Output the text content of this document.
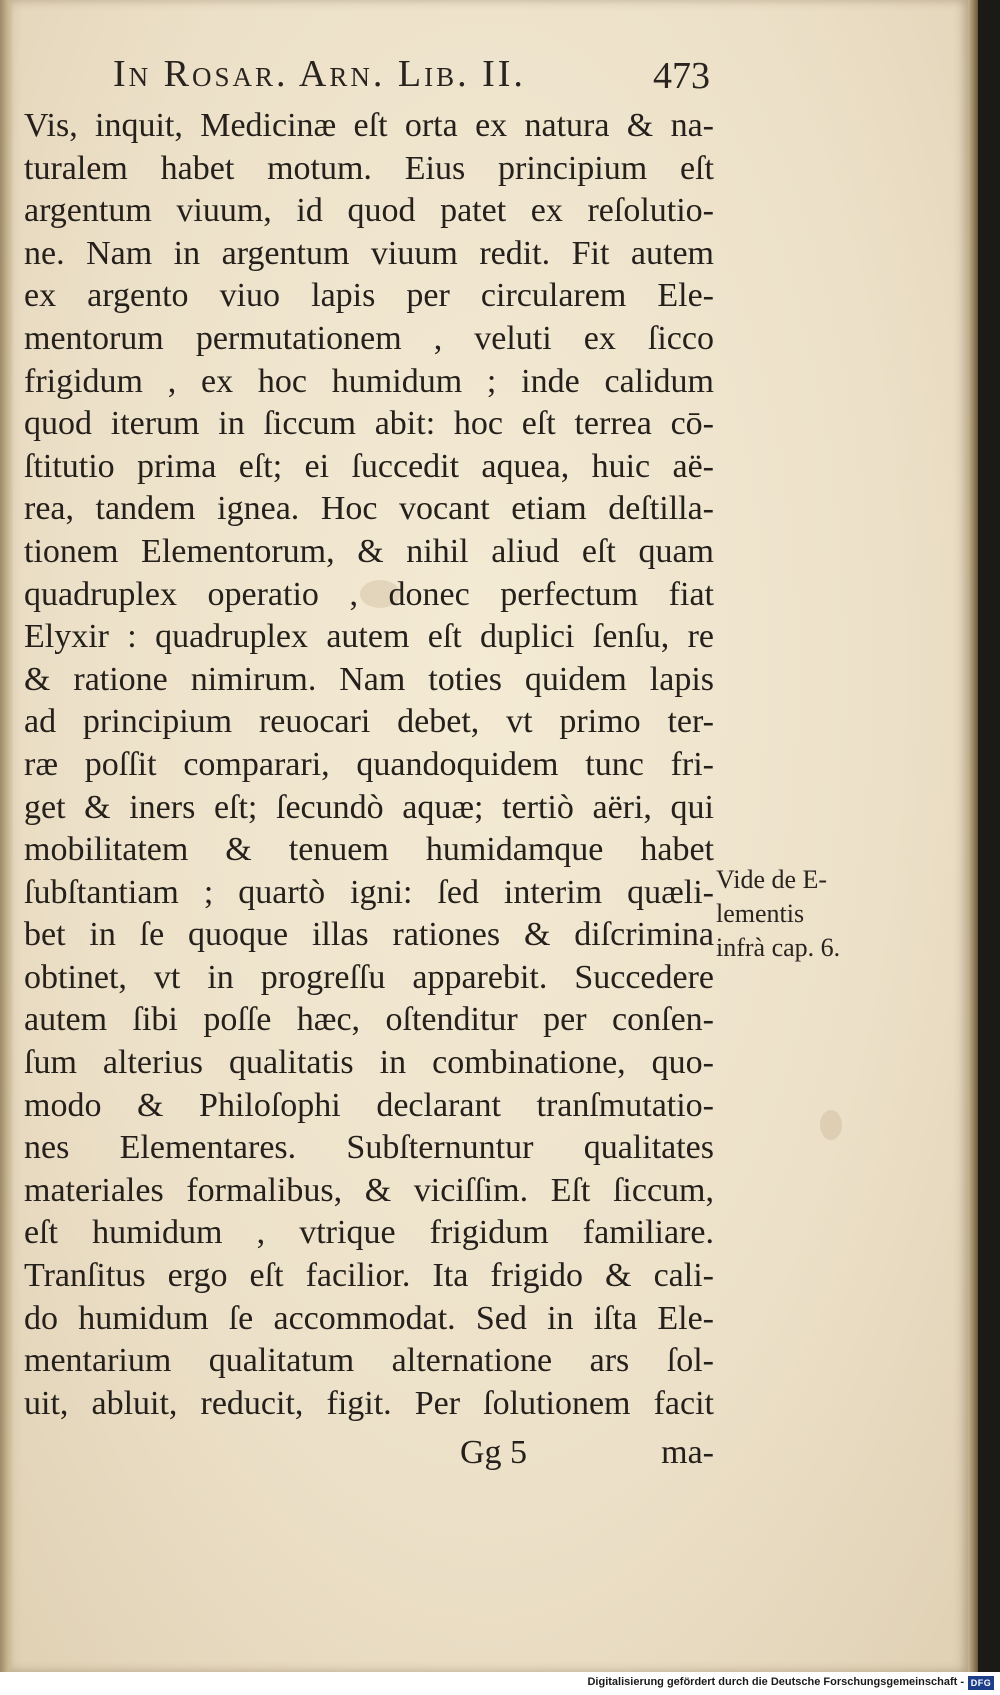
In Rosar. Arn. Lib. II.	473
Vis, inquit, Medicinæ eſt orta ex natura & na-
turalem habet motum. Eius principium eſt
argentum viuum, id quod patet ex reſolutio-
ne. Nam in argentum viuum redit. Fit autem
ex argento viuo lapis per circularem Ele-
mentorum permutationem , veluti ex ſicco
frigidum , ex hoc humidum ; inde calidum
quod iterum in ſiccum abit: hoc eſt terrea cō-
ſtitutio prima eſt; ei ſuccedit aquea, huic aë-
rea, tandem ignea. Hoc vocant etiam deſtilla-
tionem Elementorum, & nihil aliud eſt quam
quadruplex operatio , donec perfectum fiat
Elyxir : quadruplex autem eſt duplici ſenſu, re
& ratione nimirum. Nam toties quidem lapis
ad principium reuocari debet, vt primo ter-
ræ poſſit comparari, quandoquidem tunc fri-
get & iners eſt; ſecundò aquæ; tertiò aëri, qui
mobilitatem & tenuem humidamque habet
ſubſtantiam ; quartò igni: ſed interim quæli-
bet in ſe quoque illas rationes & diſcrimina
obtinet, vt in progreſſu apparebit. Succedere
autem ſibi poſſe hæc, oſtenditur per conſen-
ſum alterius qualitatis in combinatione, quo-
modo & Philoſophi declarant tranſmutatio-
nes Elementares. Subſternuntur qualitates
materiales formalibus, & viciſſim. Eſt ſiccum,
eſt humidum , vtrique frigidum familiare.
Tranſitus ergo eſt facilior. Ita frigido & cali-
do humidum ſe accommodat. Sed in iſta Ele-
mentarium qualitatum alternatione ars ſol-
uit, abluit, reducit, figit. Per ſolutionem facit
Vide de E-
lementis
infrà cap. 6.
Gg 5	ma-
Digitalisierung gefördert durch die Deutsche Forschungsgemeinschaft - DFG
